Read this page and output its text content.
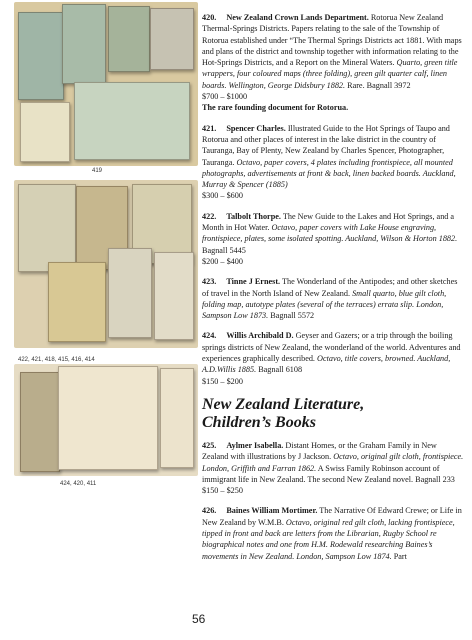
419
422, 421, 418, 415, 416, 414
424, 420, 411
420. New Zealand Crown Lands Department. Rotorua New Zealand Thermal-Springs Districts. Papers relating to the sale of the Township of Rotorua established under “The Thermal Springs Districts act 1881. With maps and plans of the district and township together with information relating to the Hot-Springs Districts, and a Report on the Mineral Waters. Quarto, green title wrappers, four coloured maps (three folding), green gilt quarter calf, linen boards. Wellington, George Didsbury 1882. Rare. Bagnall 3972
$700 – $1000
The rare founding document for Rotorua.
421. Spencer Charles. Illustrated Guide to the Hot Springs of Taupo and Rotorua and other places of interest in the lake district in the country of Tauranga, Bay of Plenty, New Zealand by Charles Spencer, Photographer, Tauranga. Octavo, paper covers, 4 plates including frontispiece, all mounted photographs, advertisements at front & back, linen backed boards. Auckland, Murray & Spencer (1885)
$300 – $600
422. Talbolt Thorpe. The New Guide to the Lakes and Hot Springs, and a Month in Hot Water. Octavo, paper covers with Lake House engraving, frontispiece, plates, some isolated spotting. Auckland, Wilson & Horton 1882. Bagnall 5445
$200 – $400
423. Tinne J Ernest. The Wonderland of the Antipodes; and other sketches of travel in the North Island of New Zealand. Small quarto, blue gilt cloth, folding map, autotype plates (several of the terraces) errata slip. London, Sampson Low 1873. Bagnall 5572
424. Willis Archibald D. Geyser and Gazers; or a trip through the boiling springs districts of New Zealand, the wonderland of the world. Adventures and experiences graphically described. Octavo, title covers, browned. Auckland, A.D.Willis 1885. Bagnall 6108
$150 – $200
New Zealand Literature,
Children’s Books
425. Aylmer Isabella. Distant Homes, or the Graham Family in New Zealand with illustrations by J Jackson. Octavo, original gilt cloth, frontispiece. London, Griffith and Farran 1862. A Swiss Family Robinson account of immigrant life in New Zealand. The second New Zealand novel. Bagnall 233
$150 – $250
426. Baines William Mortimer. The Narrative Of Edward Crewe; or Life in New Zealand by W.M.B. Octavo, original red gilt cloth, lacking frontispiece, tipped in front and back are letters from the Librarian, Rugby School re biographical notes and one from H.M. Rodewald researching Baines’s movements in New Zealand. London, Sampson Low 1874. Part
56
